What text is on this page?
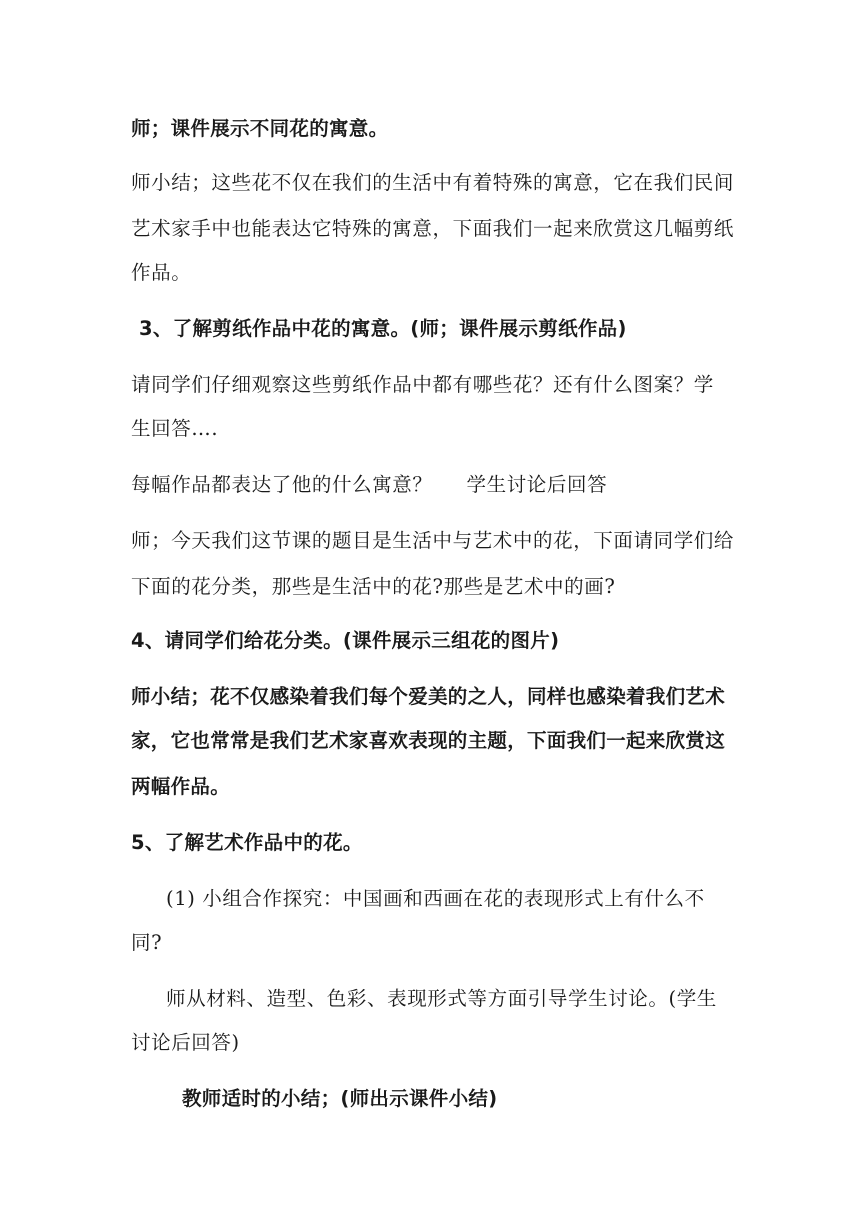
师；课件展示不同花的寓意。
师小结；这些花不仅在我们的生活中有着特殊的寓意，它在我们民间
艺术家手中也能表达它特殊的寓意，下面我们一起来欣赏这几幅剪纸
作品。
3、了解剪纸作品中花的寓意。(师；课件展示剪纸作品)
请同学们仔细观察这些剪纸作品中都有哪些花？还有什么图案？学
生回答….
每幅作品都表达了他的什么寓意？     学生讨论后回答
师；今天我们这节课的题目是生活中与艺术中的花，下面请同学们给
下面的花分类，那些是生活中的花?那些是艺术中的画?
4、请同学们给花分类。(课件展示三组花的图片)
师小结；花不仅感染着我们每个爱美的之人，同样也感染着我们艺术
家，它也常常是我们艺术家喜欢表现的主题，下面我们一起来欣赏这
两幅作品。
5、了解艺术作品中的花。
(1) 小组合作探究：中国画和西画在花的表现形式上有什么不
同?
师从材料、造型、色彩、表现形式等方面引导学生讨论。(学生
讨论后回答)
教师适时的小结；(师出示课件小结)
